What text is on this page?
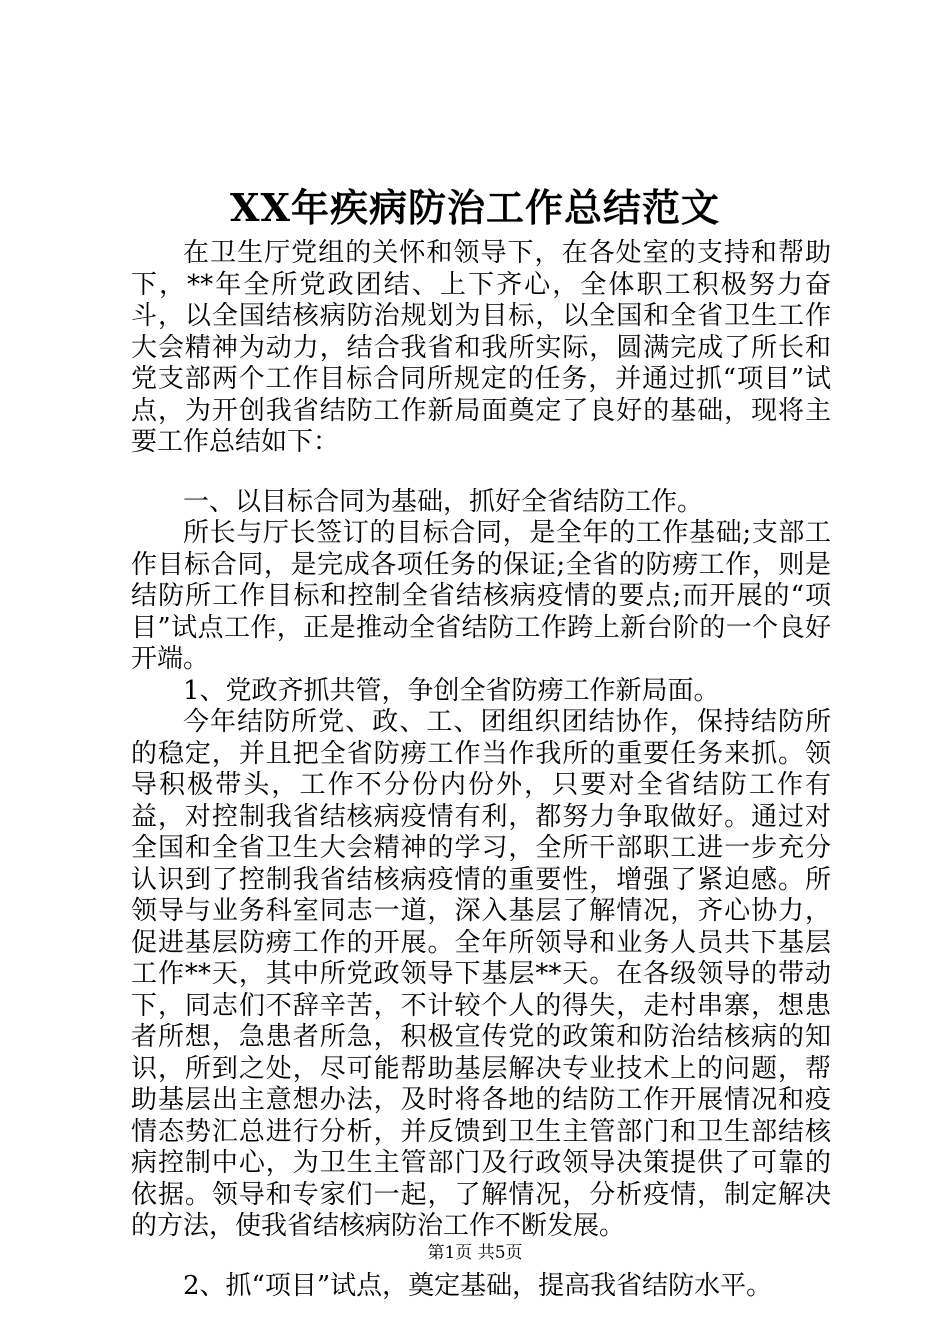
XX年疾病防治工作总结范文

在卫生厅党组的关怀和领导下，在各处室的支持和帮助下，**年全所党政团结、上下齐心，全体职工积极努力奋斗，以全国结核病防治规划为目标，以全国和全省卫生工作大会精神为动力，结合我省和我所实际，圆满完成了所长和党支部两个工作目标合同所规定的任务，并通过抓“项目”试点，为开创我省结防工作新局面奠定了良好的基础，现将主要工作总结如下：

一、以目标合同为基础，抓好全省结防工作。

所长与厅长签订的目标合同，是全年的工作基础;支部工作目标合同，是完成各项任务的保证;全省的防痨工作，则是结防所工作目标和控制全省结核病疫情的要点;而开展的“项目”试点工作，正是推动全省结防工作跨上新台阶的一个良好开端。

1、党政齐抓共管，争创全省防痨工作新局面。

今年结防所党、政、工、团组织团结协作，保持结防所的稳定，并且把全省防痨工作当作我所的重要任务来抓。领导积极带头，工作不分份内份外，只要对全省结防工作有益，对控制我省结核病疫情有利，都努力争取做好。通过对全国和全省卫生大会精神的学习，全所干部职工进一步充分认识到了控制我省结核病疫情的重要性，增强了紧迫感。所领导与业务科室同志一道，深入基层了解情况，齐心协力，促进基层防痨工作的开展。全年所领导和业务人员共下基层工作**天，其中所党政领导下基层**天。在各级领导的带动下，同志们不辞辛苦，不计较个人的得失，走村串寨，想患者所想，急患者所急，积极宣传党的政策和防治结核病的知识，所到之处，尽可能帮助基层解决专业技术上的问题，帮助基层出主意想办法，及时将各地的结防工作开展情况和疫情态势汇总进行分析，并反馈到卫生主管部门和卫生部结核病控制中心，为卫生主管部门及行政领导决策提供了可靠的依据。领导和专家们一起，了解情况，分析疫情，制定解决的方法，使我省结核病防治工作不断发展。

2、抓“项目”试点，奠定基础，提高我省结防水平。

第1页 共5页
